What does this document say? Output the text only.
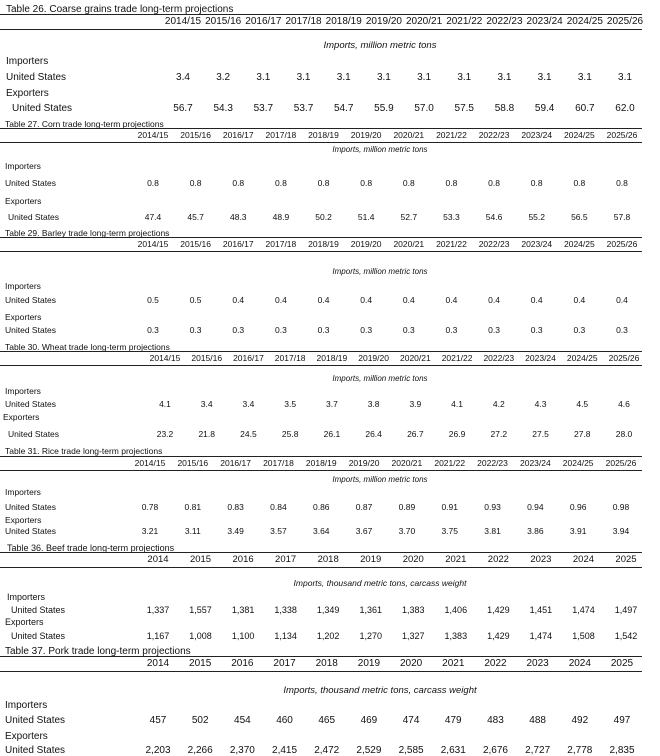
Table 26. Coarse grains trade long-term projections
2014/15 2015/16 2016/17 2017/18 2018/19 2019/20 2020/21 2021/22 2022/23 2023/24 2024/25 2025/26
Imports, million metric tons
Importers
United States	3.4	3.2	3.1	3.1	3.1	3.1	3.1	3.1	3.1	3.1	3.1	3.1
Exporters
United States	56.7	54.3	53.7	53.7	54.7	55.9	57.0	57.5	58.8	59.4	60.7	62.0
Table 27. Corn trade long-term projections
2014/15	2015/16	2016/17	2017/18	2018/19	2019/20	2020/21	2021/22	2022/23	2023/24	2024/25	2025/26
Imports, million metric tons
Importers
United States	0.8	0.8	0.8	0.8	0.8	0.8	0.8	0.8	0.8	0.8	0.8	0.8
Exporters
United States	47.4	45.7	48.3	48.9	50.2	51.4	52.7	53.3	54.6	55.2	56.5	57.8
Table 29. Barley trade long-term projections
2014/15	2015/16	2016/17	2017/18	2018/19	2019/20	2020/21	2021/22	2022/23	2023/24	2024/25	2025/26
Imports, million metric tons
Importers
United States	0.5	0.5	0.4	0.4	0.4	0.4	0.4	0.4	0.4	0.4	0.4	0.4
Exporters
United States	0.3	0.3	0.3	0.3	0.3	0.3	0.3	0.3	0.3	0.3	0.3	0.3
Table 30. Wheat trade long-term projections
2014/15	2015/16	2016/17	2017/18	2018/19	2019/20	2020/21	2021/22	2022/23	2023/24	2024/25	2025/26
Imports, million metric tons
Importers
United States	4.1	3.4	3.4	3.5	3.7	3.8	3.9	4.1	4.2	4.3	4.5	4.6
Exporters
United States	23.2	21.8	24.5	25.8	26.1	26.4	26.7	26.9	27.2	27.5	27.8	28.0
Table 31. Rice trade long-term projections
2014/15	2015/16	2016/17	2017/18	2018/19	2019/20	2020/21	2021/22	2022/23	2023/24	2024/25	2025/26
Imports, million metric tons
Importers
United States	0.78	0.81	0.83	0.84	0.86	0.87	0.89	0.91	0.93	0.94	0.96	0.98
Exporters
United States	3.21	3.11	3.49	3.57	3.64	3.67	3.70	3.75	3.81	3.86	3.91	3.94
Table 36. Beef trade long-term projections
2014	2015	2016	2017	2018	2019	2020	2021	2022	2023	2024	2025
Imports, thousand metric tons, carcass weight
Importers
United States	1,337	1,557	1,381	1,338	1,349	1,361	1,383	1,406	1,429	1,451	1,474	1,497
Exporters
United States	1,167	1,008	1,100	1,134	1,202	1,270	1,327	1,383	1,429	1,474	1,508	1,542
Table 37. Pork trade long-term projections
2014	2015	2016	2017	2018	2019	2020	2021	2022	2023	2024	2025
Imports, thousand metric tons, carcass weight
Importers
United States	457	502	454	460	465	469	474	479	483	488	492	497
Exporters
United States	2,203	2,266	2,370	2,415	2,472	2,529	2,585	2,631	2,676	2,727	2,778	2,835
